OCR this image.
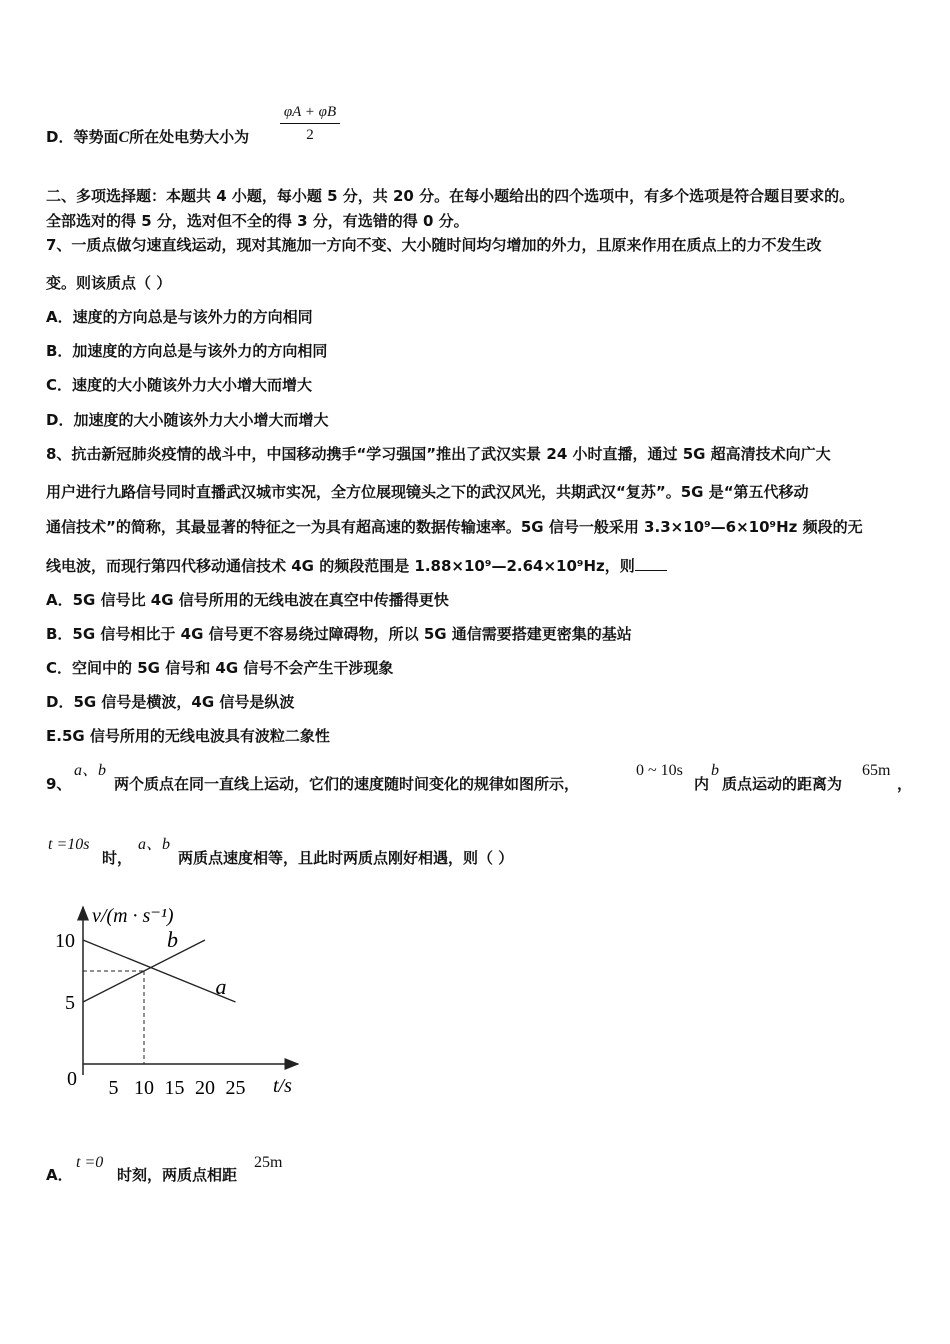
D．等势面C所在处电势大小为 $\frac{\varphi A + \varphi B}{2}$
二、多项选择题：本题共 4 小题，每小题 5 分，共 20 分。在每小题给出的四个选项中，有多个选项是符合题目要求的。
全部选对的得 5 分，选对但不全的得 3 分，有选错的得 0 分。
7、一质点做匀速直线运动，现对其施加一方向不变、大小随时间均匀增加的外力，且原来作用在质点上的力不发生改
变。则该质点（ ）
A．速度的方向总是与该外力的方向相同
B．加速度的方向总是与该外力的方向相同
C．速度的大小随该外力大小增大而增大
D．加速度的大小随该外力大小增大而增大
8、抗击新冠肺炎疫情的战斗中，中国移动携手“学习强国”推出了武汉实景 24 小时直播，通过 5G 超高清技术向广大
用户进行九路信号同时直播武汉城市实况，全方位展现镜头之下的武汉风光，共期武汉“复苏”。5G 是“第五代移动
通信技术”的简称，其最显著的特征之一为具有超高速的数据传输速率。5G 信号一般采用 3.3×10⁹—6×10⁹Hz 频段的无
线电波，而现行第四代移动通信技术 4G 的频段范围是 1.88×10⁹—2.64×10⁹Hz，则
A．5G 信号比 4G 信号所用的无线电波在真空中传播得更快
B．5G 信号相比于 4G 信号更不容易绕过障碍物，所以 5G 通信需要搭建更密集的基站
C．空间中的 5G 信号和 4G 信号不会产生干涉现象
D．5G 信号是横波，4G 信号是纵波
E.5G 信号所用的无线电波具有波粒二象性
9、
a、b
两个质点在同一直线上运动，它们的速度随时间变化的规律如图所示，
0 ~ 10s
内
b
质点运动的距离为
65m
，
t =10s
时，
a、b
两质点速度相等，且此时两质点刚好相遇，则（ ）
v/(m · s⁻¹)
t/s
0 5 10 15 20 25
5
10
a
b
A．
t =0
时刻，两质点相距
25m
